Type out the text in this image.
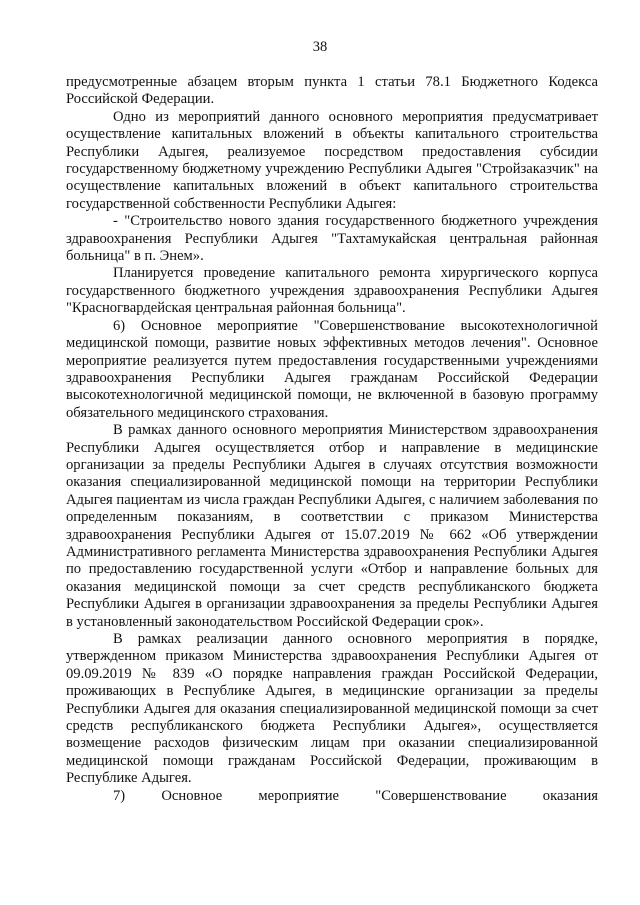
38

предусмотренные абзацем вторым пункта 1 статьи 78.1 Бюджетного Кодекса Российской Федерации.

Одно из мероприятий данного основного мероприятия предусматривает осуществление капитальных вложений в объекты капитального строительства Республики Адыгея, реализуемое посредством предоставления субсидии государственному бюджетному учреждению Республики Адыгея "Стройзаказчик" на осуществление капитальных вложений в объект капитального строительства государственной собственности Республики Адыгея:

- "Строительство нового здания государственного бюджетного учреждения здравоохранения Республики Адыгея "Тахтамукайская центральная районная больница" в п. Энем».

Планируется проведение капитального ремонта хирургического корпуса государственного бюджетного учреждения здравоохранения Республики Адыгея "Красногвардейская центральная районная больница".

6) Основное мероприятие "Совершенствование высокотехнологичной медицинской помощи, развитие новых эффективных методов лечения". Основное мероприятие реализуется путем предоставления государственными учреждениями здравоохранения Республики Адыгея гражданам Российской Федерации высокотехнологичной медицинской помощи, не включенной в базовую программу обязательного медицинского страхования.

В рамках данного основного мероприятия Министерством здравоохранения Республики Адыгея осуществляется отбор и направление в медицинские организации за пределы Республики Адыгея в случаях отсутствия возможности оказания специализированной медицинской помощи на территории Республики Адыгея пациентам из числа граждан Республики Адыгея, с наличием заболевания по определенным показаниям, в соответствии с приказом Министерства здравоохранения Республики Адыгея от 15.07.2019 № 662 «Об утверждении Административного регламента Министерства здравоохранения Республики Адыгея по предоставлению государственной услуги «Отбор и направление больных для оказания медицинской помощи за счет средств республиканского бюджета Республики Адыгея в организации здравоохранения за пределы Республики Адыгея в установленный законодательством Российской Федерации срок».

В рамках реализации данного основного мероприятия в порядке, утвержденном приказом Министерства здравоохранения Республики Адыгея от 09.09.2019 № 839 «О порядке направления граждан Российской Федерации, проживающих в Республике Адыгея, в медицинские организации за пределы Республики Адыгея для оказания специализированной медицинской помощи за счет средств республиканского бюджета Республики Адыгея», осуществляется возмещение расходов физическим лицам при оказании специализированной медицинской помощи гражданам Российской Федерации, проживающим в Республике Адыгея.

7) Основное мероприятие "Совершенствование оказания
